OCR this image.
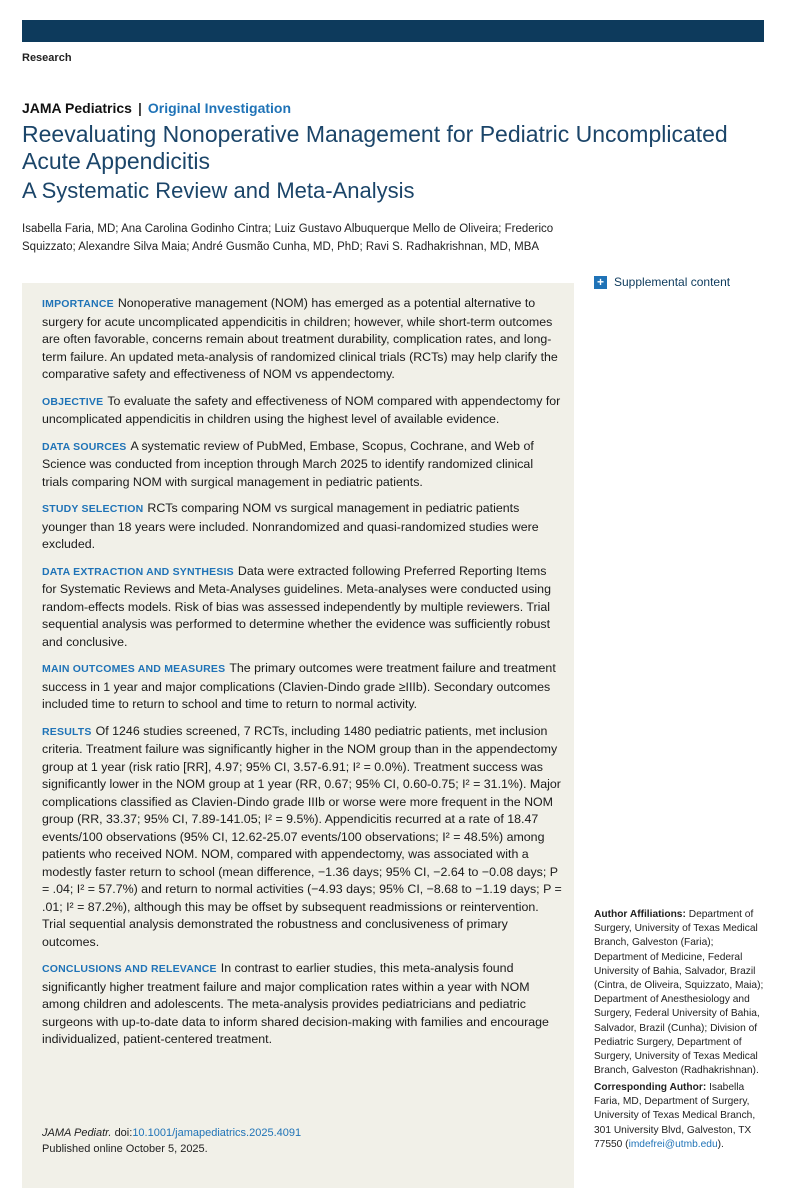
Research
JAMA Pediatrics | Original Investigation
Reevaluating Nonoperative Management for Pediatric Uncomplicated Acute Appendicitis
A Systematic Review and Meta-Analysis
Isabella Faria, MD; Ana Carolina Godinho Cintra; Luiz Gustavo Albuquerque Mello de Oliveira; Frederico Squizzato; Alexandre Silva Maia; André Gusmão Cunha, MD, PhD; Ravi S. Radhakrishnan, MD, MBA
+ Supplemental content

IMPORTANCE Nonoperative management (NOM) has emerged as a potential alternative to surgery for acute uncomplicated appendicitis in children; however, while short-term outcomes are often favorable, concerns remain about treatment durability, complication rates, and long-term failure. An updated meta-analysis of randomized clinical trials (RCTs) may help clarify the comparative safety and effectiveness of NOM vs appendectomy.

OBJECTIVE To evaluate the safety and effectiveness of NOM compared with appendectomy for uncomplicated appendicitis in children using the highest level of available evidence.

DATA SOURCES A systematic review of PubMed, Embase, Scopus, Cochrane, and Web of Science was conducted from inception through March 2025 to identify randomized clinical trials comparing NOM with surgical management in pediatric patients.

STUDY SELECTION RCTs comparing NOM vs surgical management in pediatric patients younger than 18 years were included. Nonrandomized and quasi-randomized studies were excluded.

DATA EXTRACTION AND SYNTHESIS Data were extracted following Preferred Reporting Items for Systematic Reviews and Meta-Analyses guidelines. Meta-analyses were conducted using random-effects models. Risk of bias was assessed independently by multiple reviewers. Trial sequential analysis was performed to determine whether the evidence was sufficiently robust and conclusive.

MAIN OUTCOMES AND MEASURES The primary outcomes were treatment failure and treatment success in 1 year and major complications (Clavien-Dindo grade ≥IIIb). Secondary outcomes included time to return to school and time to return to normal activity.

RESULTS Of 1246 studies screened, 7 RCTs, including 1480 pediatric patients, met inclusion criteria. Treatment failure was significantly higher in the NOM group than in the appendectomy group at 1 year (risk ratio [RR], 4.97; 95% CI, 3.57-6.91; I² = 0.0%). Treatment success was significantly lower in the NOM group at 1 year (RR, 0.67; 95% CI, 0.60-0.75; I² = 31.1%). Major complications classified as Clavien-Dindo grade IIIb or worse were more frequent in the NOM group (RR, 33.37; 95% CI, 7.89-141.05; I² = 9.5%). Appendicitis recurred at a rate of 18.47 events/100 observations (95% CI, 12.62-25.07 events/100 observations; I² = 48.5%) among patients who received NOM. NOM, compared with appendectomy, was associated with a modestly faster return to school (mean difference, −1.36 days; 95% CI, −2.64 to −0.08 days; P = .04; I² = 57.7%) and return to normal activities (−4.93 days; 95% CI, −8.68 to −1.19 days; P = .01; I² = 87.2%), although this may be offset by subsequent readmissions or reintervention. Trial sequential analysis demonstrated the robustness and conclusiveness of primary outcomes.

CONCLUSIONS AND RELEVANCE In contrast to earlier studies, this meta-analysis found significantly higher treatment failure and major complication rates within a year with NOM among children and adolescents. The meta-analysis provides pediatricians and pediatric surgeons with up-to-date data to inform shared decision-making with families and encourage individualized, patient-centered treatment.

JAMA Pediatr. doi:10.1001/jamapediatrics.2025.4091
Published online October 5, 2025.
Author Affiliations: Department of Surgery, University of Texas Medical Branch, Galveston (Faria); Department of Medicine, Federal University of Bahia, Salvador, Brazil (Cintra, de Oliveira, Squizzato, Maia); Department of Anesthesiology and Surgery, Federal University of Bahia, Salvador, Brazil (Cunha); Division of Pediatric Surgery, Department of Surgery, University of Texas Medical Branch, Galveston (Radhakrishnan).
Corresponding Author: Isabella Faria, MD, Department of Surgery, University of Texas Medical Branch, 301 University Blvd, Galveston, TX 77550 (imdefrei@utmb.edu).
